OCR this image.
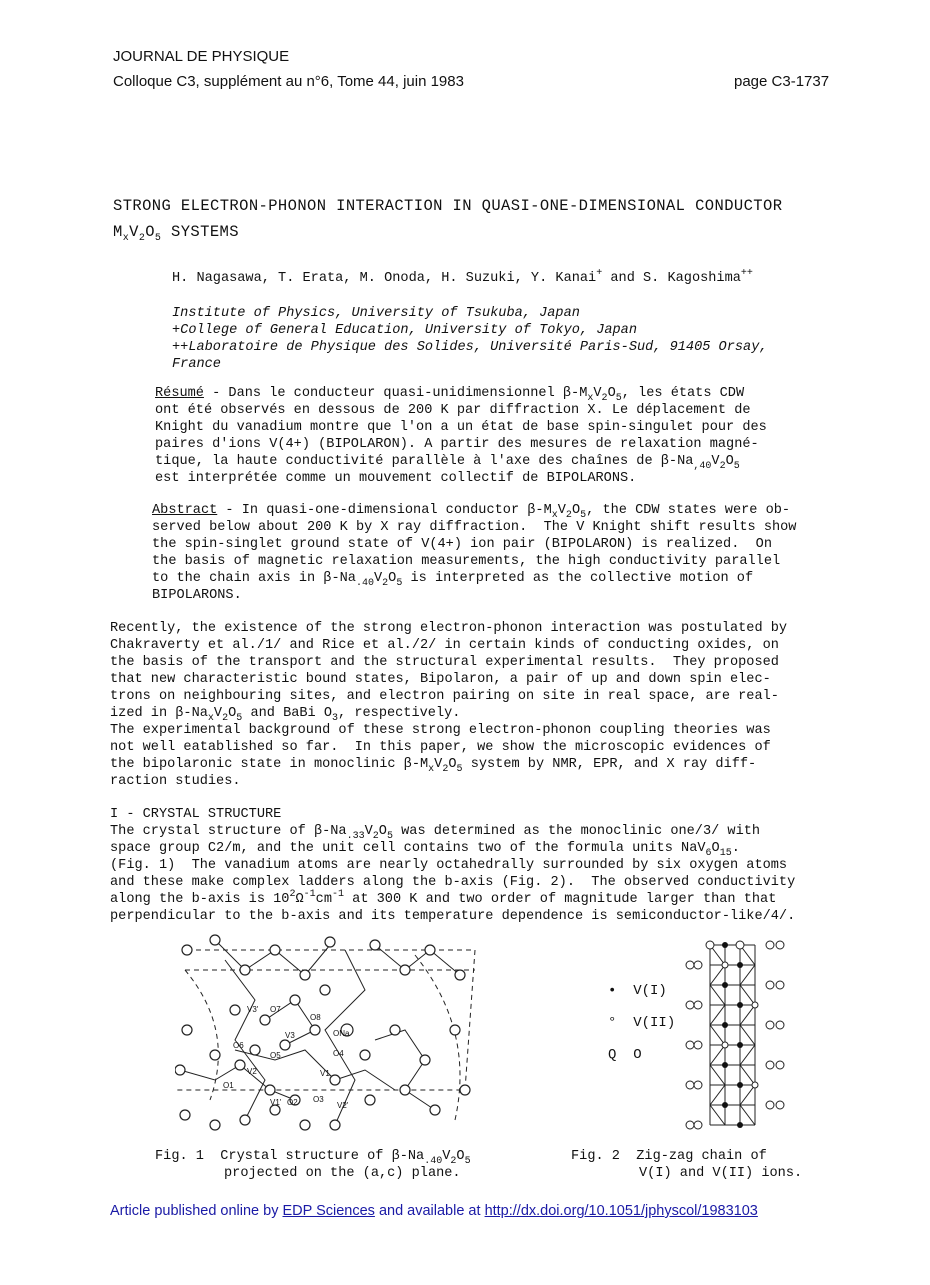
JOURNAL DE PHYSIQUE
Colloque C3, supplément au n°6, Tome 44, juin 1983	page C3-1737
STRONG ELECTRON-PHONON INTERACTION IN QUASI-ONE-DIMENSIONAL CONDUCTOR
$M_xV_2O_5$ SYSTEMS
H. Nagasawa, T. Erata, M. Onoda, H. Suzuki, Y. Kanai+ and S. Kagoshima++
Institute of Physics, University of Tsukuba, Japan
+College of General Education, University of Tokyo, Japan
++Laboratoire de Physique des Solides, Université Paris-Sud, 91405 Orsay,
France
Résumé - Dans le conducteur quasi-unidimensionnel $\beta-M_xV_2O_5$, les états CDW
ont été observés en dessous de 200 K par diffraction X. Le déplacement de
Knight du vanadium montre que l'on a un état de base spin-singulet pour des
paires d'ions V(4+) (BIPOLARON). A partir des mesures de relaxation magné-
tique, la haute conductivité parallèle à l'axe des chaînes de $\beta-Na_{,40}V_2O_5$
est interprétée comme un mouvement collectif de BIPOLARONS.
Abstract - In quasi-one-dimensional conductor $\beta-M_xV_2O_5$, the CDW states were ob-
served below about 200 K by X ray diffraction.  The V Knight shift results show
the spin-singlet ground state of V(4+) ion pair (BIPOLARON) is realized.  On
the basis of magnetic relaxation measurements, the high conductivity parallel
to the chain axis in $\beta-Na_{.40}V_2O_5$ is interpreted as the collective motion of
BIPOLARONS.
Recently, the existence of the strong electron-phonon interaction was postulated by
Chakraverty et al./1/ and Rice et al./2/ in certain kinds of conducting oxides, on
the basis of the transport and the structural experimental results.  They proposed
that new characteristic bound states, Bipolaron, a pair of up and down spin elec-
trons on neighbouring sites, and electron pairing on site in real space, are real-
ized in $\beta-Na_xV_2O_5$ and BaBi $O_3$, respectively.
The experimental background of these strong electron-phonon coupling theories was
not well eatablished so far.  In this paper, we show the microscopic evidences of
the bipolaronic state in monoclinic $\beta-M_xV_2O_5$ system by NMR, EPR, and X ray diff-
raction studies.
I - CRYSTAL STRUCTURE
The crystal structure of $\beta-Na_{.33}V_2O_5$ was determined as the monoclinic one/3/ with
space group C2/m, and the unit cell contains two of the formula units $NaV_6O_{15}$.
(Fig. 1)  The vanadium atoms are nearly octahedrally surrounded by six oxygen atoms
and these make complex ladders along the b-axis (Fig. 2).  The observed conductivity
along the b-axis is $10^2\Omega^{-1}cm^{-1}$ at 300 K and two order of magnitude larger than that
perpendicular to the b-axis and its temperature dependence is semiconductor-like/4/.
V3' O7
O8
ONa
V3
O6
O5	O4
V2	V1
O1
V1' O2 O3
V2'
Fig. 1  Crystal structure of $\beta-Na_{.40}V_2O_5$
projected on the (a,c) plane.
• V(I)
° V(II)
Q O
Fig. 2  Zig-zag chain of
V(I) and V(II) ions.
Article published online by EDP Sciences and available at http://dx.doi.org/10.1051/jphyscol/1983103
